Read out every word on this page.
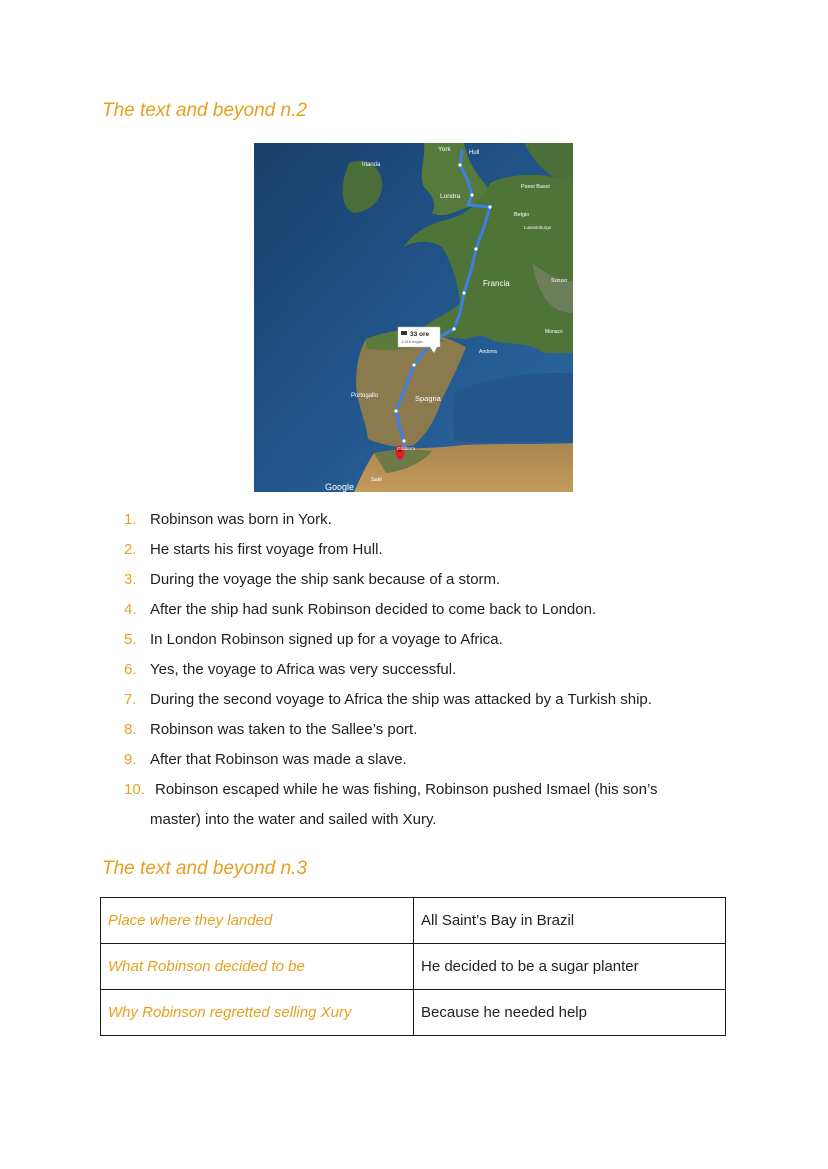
The text and beyond n.2
York	Hull
Irlanda
Londra
Paesi Bassi
Belgio
Lussemburgo
Francia	Svizzer
Monaco
Andorra
Portogallo	Spagna
Gibilterra
Salé
Google
33 ore
1.916 miglia
1. Robinson was born in York.
2. He starts his first voyage from Hull.
3. During the voyage the ship sank because of a storm.
4. After the ship had sunk Robinson decided to come back to London.
5. In London Robinson signed up for a voyage to Africa.
6. Yes, the voyage to Africa was very successful.
7. During the second voyage to Africa the ship was attacked by a Turkish ship.
8. Robinson was taken to the Sallee’s port.
9. After that Robinson was made a slave.
10. Robinson escaped while he was fishing, Robinson pushed Ismael (his son’s
master) into the water and sailed with Xury.
The text and beyond n.3
Place where they landed	All Saint’s Bay in Brazil
What Robinson decided to be	He decided to be a sugar planter
Why Robinson regretted selling Xury	Because he needed help
